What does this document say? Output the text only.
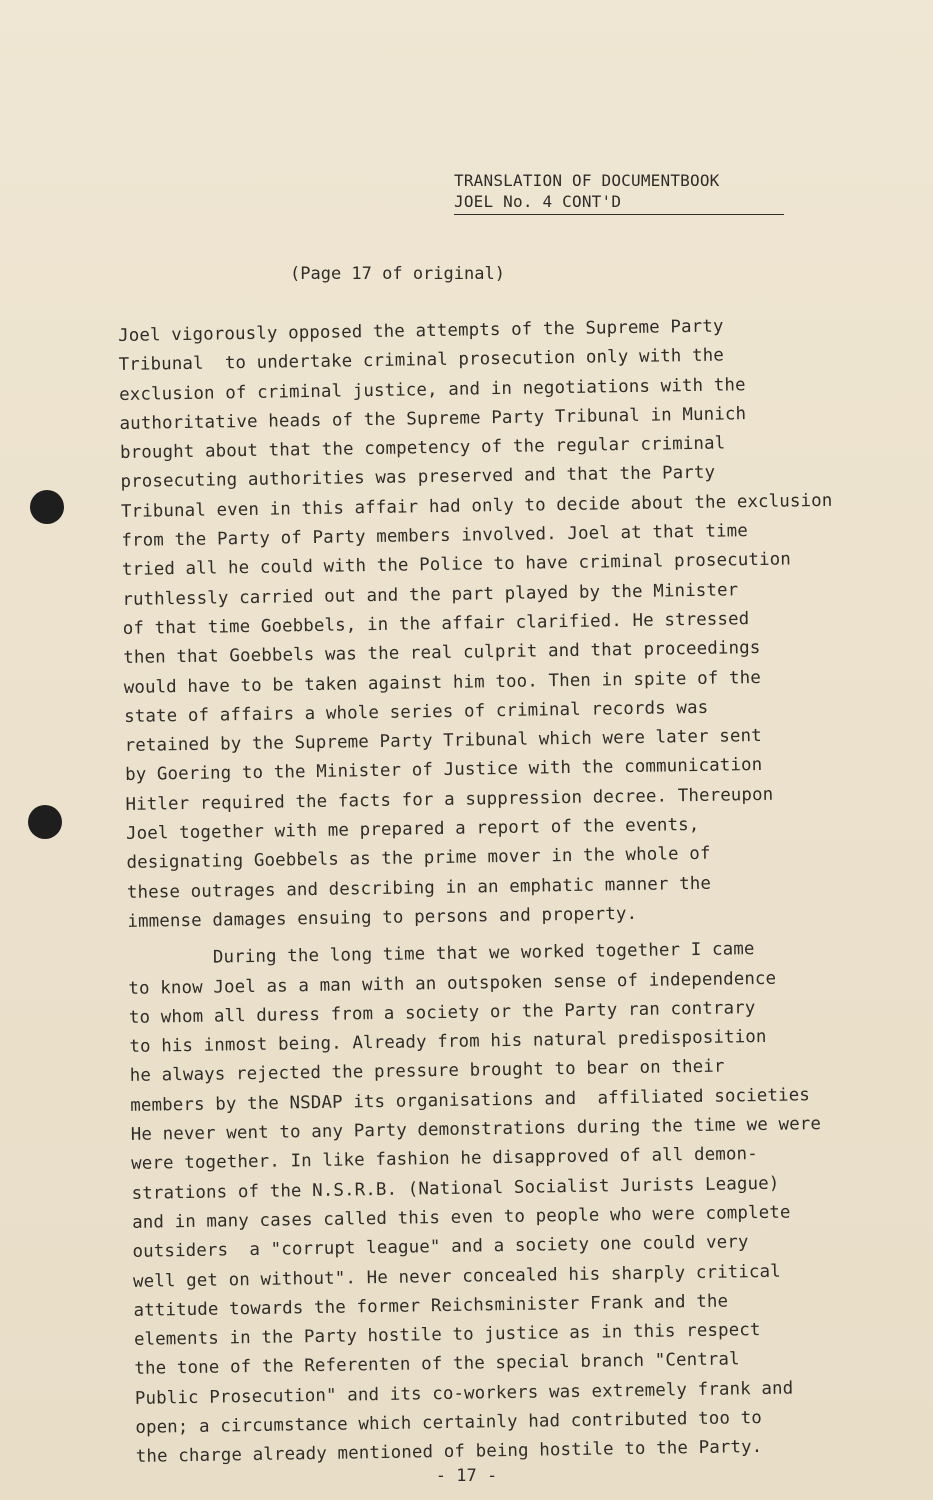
TRANSLATION OF DOCUMENTBOOK
JOEL No. 4 CONT'D
(Page 17 of original)
Joel vigorously opposed the attempts of the Supreme Party
Tribunal  to undertake criminal prosecution only with the
exclusion of criminal justice, and in negotiations with the
authoritative heads of the Supreme Party Tribunal in Munich
brought about that the competency of the regular criminal
prosecuting authorities was preserved and that the Party
Tribunal even in this affair had only to decide about the exclusion
from the Party of Party members involved. Joel at that time
tried all he could with the Police to have criminal prosecution
ruthlessly carried out and the part played by the Minister
of that time Goebbels, in the affair clarified. He stressed
then that Goebbels was the real culprit and that proceedings
would have to be taken against him too. Then in spite of the
state of affairs a whole series of criminal records was
retained by the Supreme Party Tribunal which were later sent
by Goering to the Minister of Justice with the communication
Hitler required the facts for a suppression decree. Thereupon
Joel together with me prepared a report of the events,
designating Goebbels as the prime mover in the whole of
these outrages and describing in an emphatic manner the
immense damages ensuing to persons and property.
During the long time that we worked together I came
to know Joel as a man with an outspoken sense of independence
to whom all duress from a society or the Party ran contrary
to his inmost being. Already from his natural predisposition
he always rejected the pressure brought to bear on their
members by the NSDAP its organisations and  affiliated societies
He never went to any Party demonstrations during the time we were
were together. In like fashion he disapproved of all demon-
strations of the N.S.R.B. (National Socialist Jurists League)
and in many cases called this even to people who were complete
outsiders  a "corrupt league" and a society one could very
well get on without". He never concealed his sharply critical
attitude towards the former Reichsminister Frank and the
elements in the Party hostile to justice as in this respect
the tone of the Referenten of the special branch "Central
Public Prosecution" and its co-workers was extremely frank and
open; a circumstance which certainly had contributed too to
the charge already mentioned of being hostile to the Party.
- 17 -
